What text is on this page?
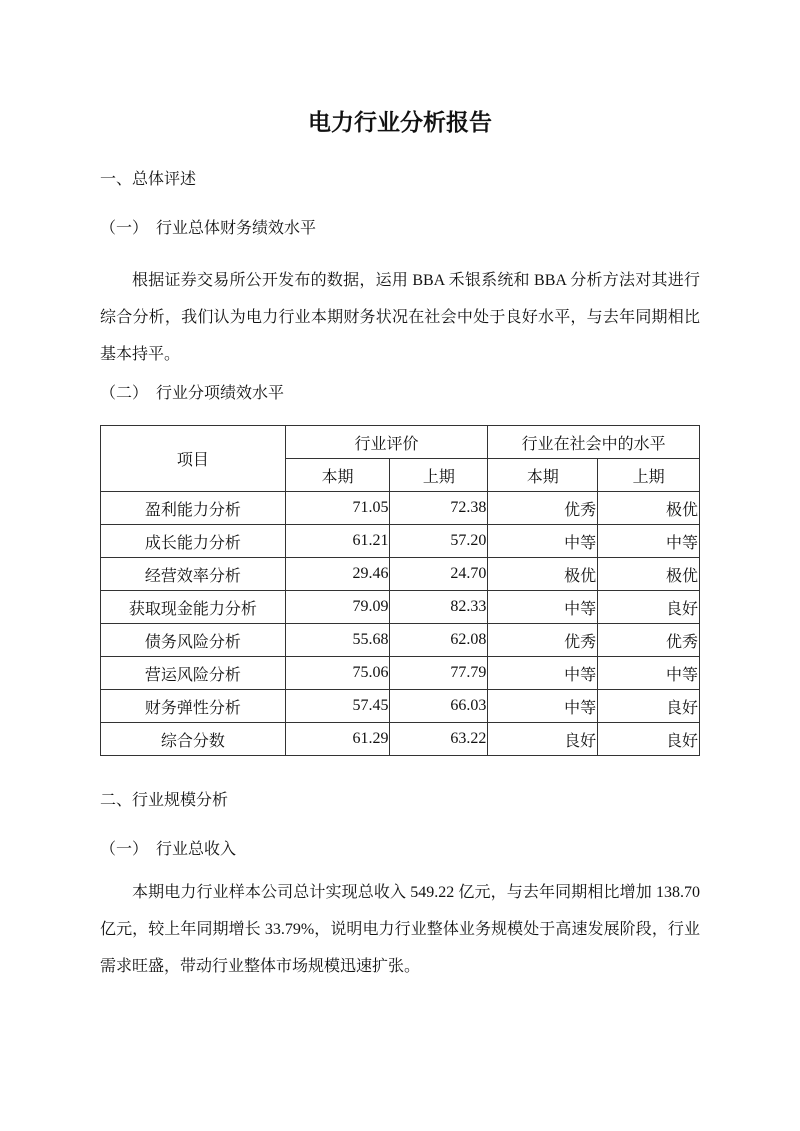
电力行业分析报告
一、总体评述
（一）　行业总体财务绩效水平
根据证券交易所公开发布的数据，运用 BBA 禾银系统和 BBA 分析方法对其进行综合分析，我们认为电力行业本期财务状况在社会中处于良好水平，与去年同期相比基本持平。
（二）　行业分项绩效水平
项目	行业评价		行业在社会中的水平	
	本期	上期	本期	上期
盈利能力分析	71.05	72.38	优秀	极优
成长能力分析	61.21	57.20	中等	中等
经营效率分析	29.46	24.70	极优	极优
获取现金能力分析	79.09	82.33	中等	良好
债务风险分析	55.68	62.08	优秀	优秀
营运风险分析	75.06	77.79	中等	中等
财务弹性分析	57.45	66.03	中等	良好
综合分数	61.29	63.22	良好	良好
二、行业规模分析
（一）　行业总收入
本期电力行业样本公司总计实现总收入 549.22 亿元，与去年同期相比增加 138.70 亿元，较上年同期增长 33.79%，说明电力行业整体业务规模处于高速发展阶段，行业需求旺盛，带动行业整体市场规模迅速扩张。
